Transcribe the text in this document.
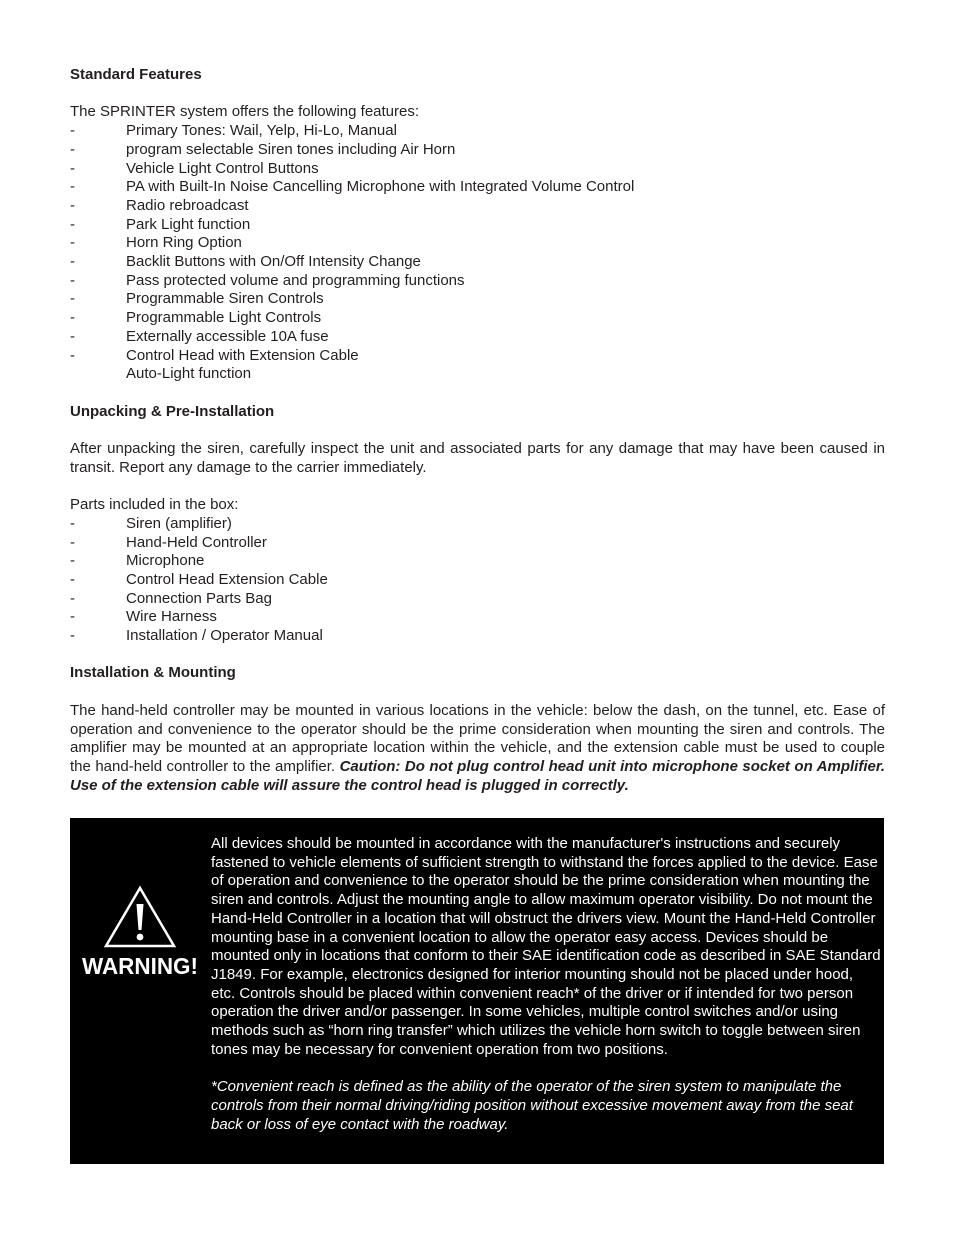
Standard Features

The SPRINTER system offers the following features:

-	Primary Tones: Wail, Yelp, Hi-Lo, Manual
-	program selectable Siren tones including Air Horn
-	Vehicle Light Control Buttons
-	PA with Built-In Noise Cancelling Microphone with Integrated Volume Control
-	Radio rebroadcast
-	Park Light function
-	Horn Ring Option
-	Backlit Buttons with On/Off Intensity Change
-	Pass protected volume and programming functions
-	Programmable Siren Controls
-	Programmable Light Controls
-	Externally accessible 10A fuse
-	Control Head with Extension Cable
Auto-Light function

Unpacking & Pre-Installation

After unpacking the siren, carefully inspect the unit and associated parts for any damage that may have been caused in transit. Report any damage to the carrier immediately.

Parts included in the box:

-	Siren (amplifier)
-	Hand-Held Controller
-	Microphone
-	Control Head Extension Cable
-	Connection Parts Bag
-	Wire Harness
-	Installation / Operator Manual

Installation & Mounting

The hand-held controller may be mounted in various locations in the vehicle: below the dash, on the tunnel, etc. Ease of operation and convenience to the operator should be the prime consideration when mounting the siren and controls. The amplifier may be mounted at an appropriate location within the vehicle, and the extension cable must be used to couple the hand-held controller to the amplifier. Caution: Do not plug control head unit into microphone socket on Amplifier. Use of the extension cable will assure the control head is plugged in correctly.

WARNING!

All devices should be mounted in accordance with the manufacturer's instructions and securely fastened to vehicle elements of sufficient strength to withstand the forces applied to the device. Ease of operation and convenience to the operator should be the prime consideration when mounting the siren and controls. Adjust the mounting angle to allow maximum operator visibility. Do not mount the Hand-Held Controller in a location that will obstruct the drivers view. Mount the Hand-Held Controller mounting base in a convenient location to allow the operator easy access. Devices should be mounted only in locations that conform to their SAE identification code as described in SAE Standard J1849. For example, electronics designed for interior mounting should not be placed under hood, etc. Controls should be placed within convenient reach* of the driver or if intended for two person operation the driver and/or passenger. In some vehicles, multiple control switches and/or using methods such as “horn ring transfer” which utilizes the vehicle horn switch to toggle between siren tones may be necessary for convenient operation from two positions.

*Convenient reach is defined as the ability of the operator of the siren system to manipulate the controls from their normal driving/riding position without excessive movement away from the seat back or loss of eye contact with the roadway.
